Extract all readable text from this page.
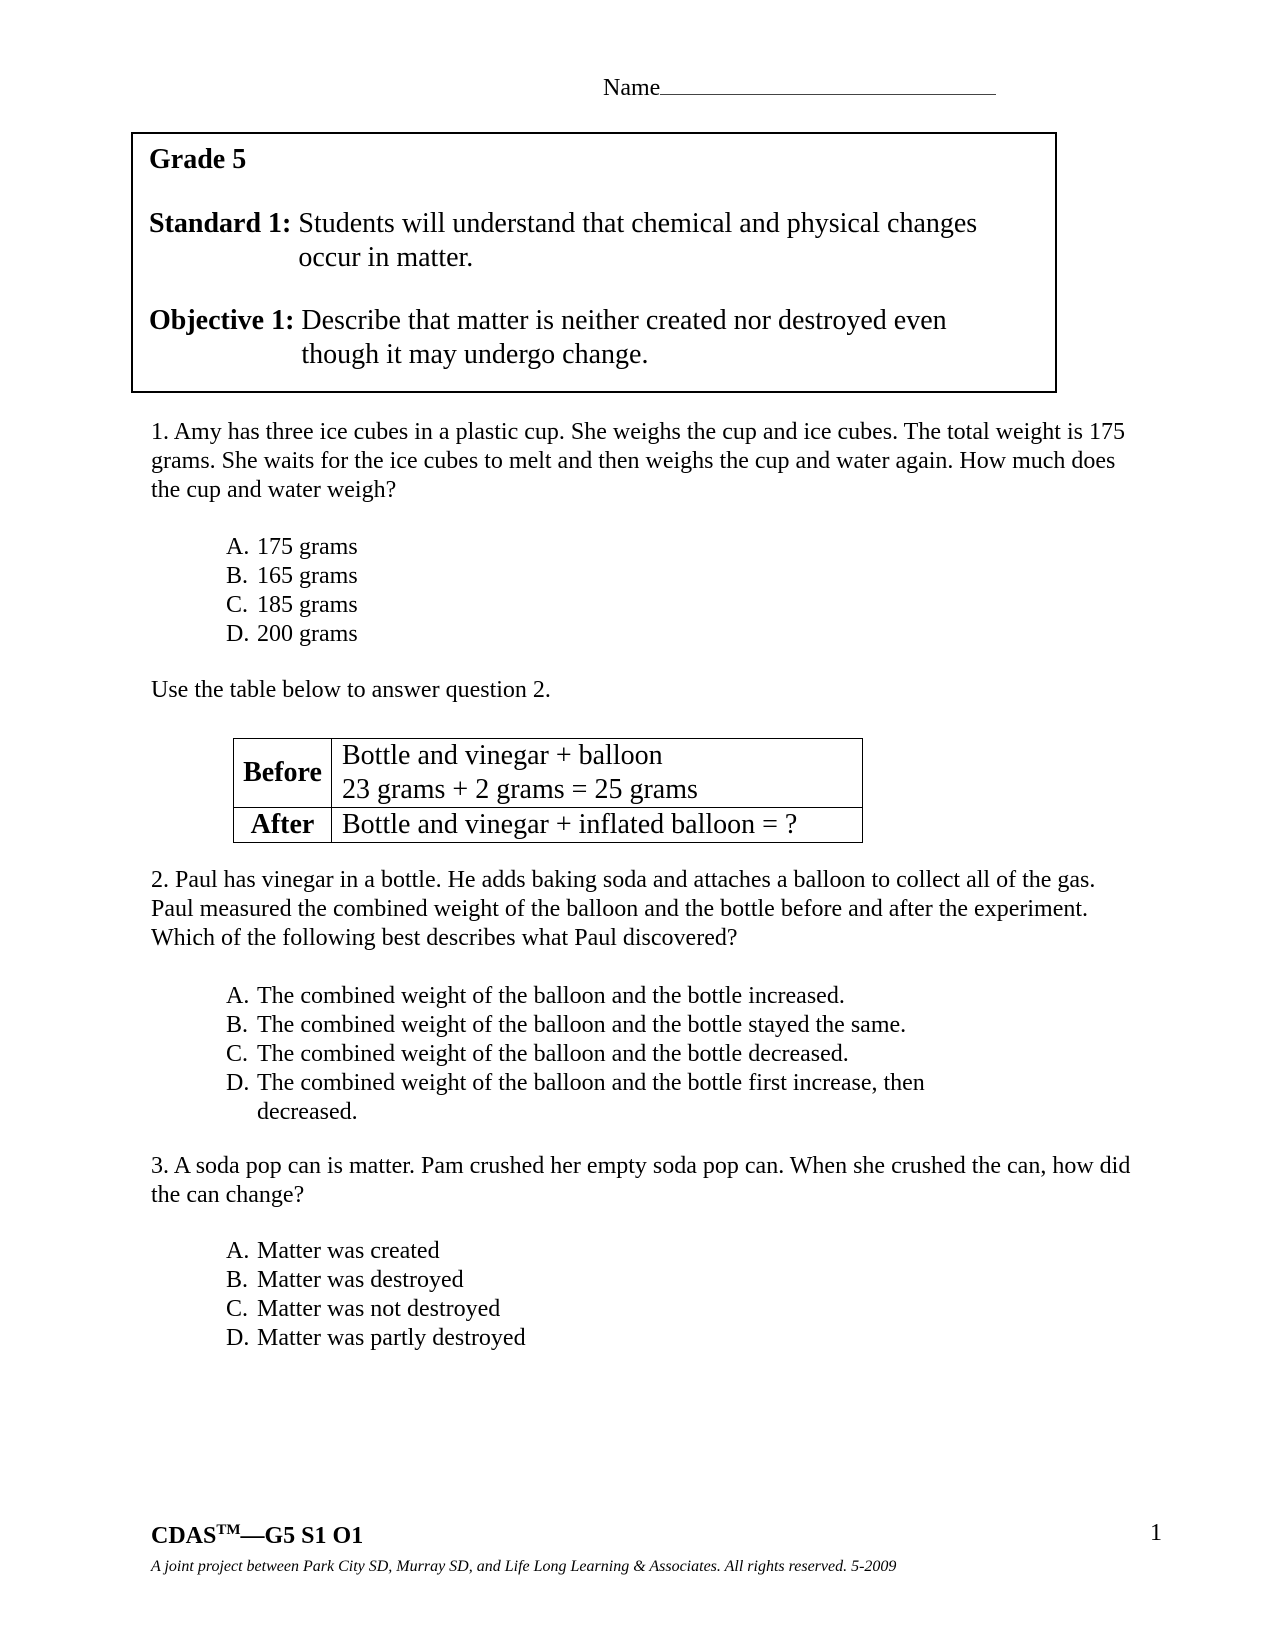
Name
Grade 5
Standard 1: Students will understand that chemical and physical changes occur in matter.
Objective 1: Describe that matter is neither created nor destroyed even though it may undergo change.
1. Amy has three ice cubes in a plastic cup. She weighs the cup and ice cubes. The total weight is 175 grams. She waits for the ice cubes to melt and then weighs the cup and water again. How much does the cup and water weigh?
A. 175 grams
B. 165 grams
C. 185 grams
D. 200 grams
Use the table below to answer question 2.
Before	Bottle and vinegar + balloon
23 grams + 2 grams = 25 grams

After	Bottle and vinegar + inflated balloon = ?
2. Paul has vinegar in a bottle. He adds baking soda and attaches a balloon to collect all of the gas. Paul measured the combined weight of the balloon and the bottle before and after the experiment. Which of the following best describes what Paul discovered?
A. The combined weight of the balloon and the bottle increased.
B. The combined weight of the balloon and the bottle stayed the same.
C. The combined weight of the balloon and the bottle decreased.
D. The combined weight of the balloon and the bottle first increase, then decreased.
3. A soda pop can is matter. Pam crushed her empty soda pop can. When she crushed the can, how did the can change?
A. Matter was created
B. Matter was destroyed
C. Matter was not destroyed
D. Matter was partly destroyed
CDAS™—G5 S1 O1
A joint project between Park City SD, Murray SD, and Life Long Learning & Associates. All rights reserved. 5-2009
1
